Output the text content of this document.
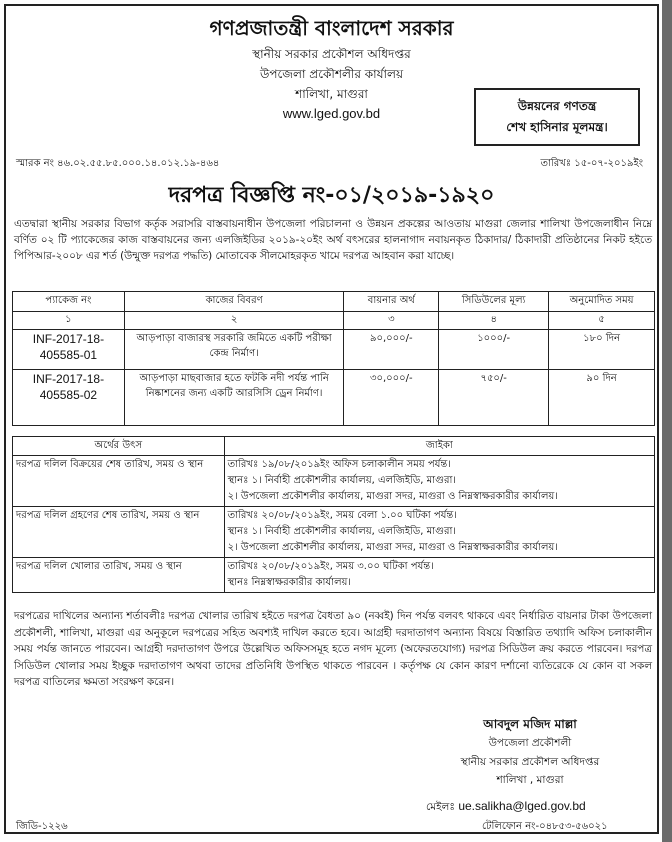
গণপ্রজাতন্ত্রী বাংলাদেশ সরকার
স্থানীয় সরকার প্রকৌশল অধিদপ্তর
উপজেলা প্রকৌশলীর কার্যালয়
শালিখা, মাগুরা
www.lged.gov.bd	উন্নয়নের গণতন্ত্র
শেখ হাসিনার মূলমন্ত্র।
স্মারক নং ৪৬.০২.৫৫.৮৫.০০০.১৪.০১২.১৯-৪৬৪	তারিখঃ ১৫-০৭-২০১৯ইং
দরপত্র বিজ্ঞপ্তি নং-০১/২০১৯-১৯২০
এতদ্বারা স্থানীয় সরকার বিভাগ কর্তৃক সরাসরি বাস্তবায়নাধীন উপজেলা পরিচালনা ও উন্নয়ন প্রকল্পের আওতায় মাগুরা জেলার শালিখা উপজেলাধীন নিম্নে বর্ণিত ০২ টি প্যাকেজের কাজ বাস্তবায়নের জন্য এলজিইডির ২০১৯-২০ইং অর্থ বৎসরের হালনাগাদ নবায়নকৃত ঠিকাদার/ ঠিকাদারী প্রতিষ্ঠানের নিকট হইতে পিপিআর-২০০৮ এর শর্ত (উন্মুক্ত দরপত্র পদ্ধতি) মোতাবেক সীলমোহরকৃত খামে দরপত্র আহবান করা যাচ্ছে।
প্যাকেজ নং	কাজের বিবরণ	বায়নার অর্থ	সিডিউলের মূল্য	অনুমোদিত সময়
১	২	৩	৪	৫
INF-2017-18-405585-01	আড়পাড়া বাজারস্থ সরকারি জমিতে একটি পরীক্ষা কেন্দ্র নির্মাণ।	৯০,০০০/-	১০০০/-	১৮০ দিন
INF-2017-18-405585-02	আড়পাড়া মাছবাজার হতে ফটকি নদী পর্যন্ত পানি নিষ্কাশনের জন্য একটি আরসিসি ড্রেন নির্মাণ।	৩০,০০০/-	৭৫০/-	৯০ দিন
অর্থের উৎস	জাইকা
দরপত্র দলিল বিক্রয়ের শেষ তারিখ, সময় ও স্থান	তারিখঃ ১৯/০৮/২০১৯ইং অফিস চলাকালীন সময় পর্যন্ত।
স্থানঃ ১। নির্বাহী প্রকৌশলীর কার্যালয়, এলজিইডি, মাগুরা।
২। উপজেলা প্রকৌশলীর কার্যালয়, মাগুরা সদর, মাগুরা ও নিম্নস্বাক্ষরকারীর কার্যালয়।

দরপত্র দলিল গ্রহণের শেষ তারিখ, সময় ও স্থান	তারিখঃ ২০/০৮/২০১৯ইং, সময় বেলা ১.০০ ঘটিকা পর্যন্ত।
স্থানঃ ১। নির্বাহী প্রকৌশলীর কার্যালয়, এলজিইডি, মাগুরা।
২। উপজেলা প্রকৌশলীর কার্যালয়, মাগুরা সদর, মাগুরা ও নিম্নস্বাক্ষরকারীর কার্যালয়।

দরপত্র দলিল খোলার তারিখ, সময় ও স্থান	তারিখঃ ২০/০৮/২০১৯ইং, সময় ৩.০০ ঘটিকা পর্যন্ত।
স্থানঃ নিম্নস্বাক্ষরকারীর কার্যালয়।
দরপত্রের দাখিলের অন্যান্য শর্তাবলীঃ দরপত্র খোলার তারিখ হইতে দরপত্র বৈধতা ৯০ (নব্বই) দিন পর্যন্ত বলবৎ থাকবে এবং নির্ধারিত বায়নার টাকা উপজেলা প্রকৌশলী, শালিখা, মাগুরা এর অনুকূলে দরপত্রের সহিত অবশ্যই দাখিল করতে হবে। আগ্রহী দরদাতাগণ অন্যান্য বিষয়ে বিস্তারিত তথ্যাদি অফিস চলাকালীন সময় পর্যন্ত জানতে পারবেন। আগ্রহী দরদাতাগণ উপরে উল্লেখিত অফিসসমূহ হতে নগদ মূল্যে (অফেরতযোগ্য) দরপত্র সিডিউল ক্রয় করতে পারবেন। দরপত্র সিডিউল খোলার সময় ইচ্ছুক দরদাতাগণ অথবা তাদের প্রতিনিধি উপস্থিত থাকতে পারবেন । কর্তৃপক্ষ যে কোন কারণ দর্শানো ব্যতিরেকে যে কোন বা সকল দরপত্র বাতিলের ক্ষমতা সংরক্ষণ করেন।
আবদুল মজিদ মাল্লা
উপজেলা প্রকৌশলী
স্থানীয় সরকার প্রকৌশল অধিদপ্তর
শালিখা , মাগুরা
মেইলঃ ue.salikha@lged.gov.bd
টেলিফোন নং-০৪৮৫৩-৫৬০২১
জিডি-১২২৬
